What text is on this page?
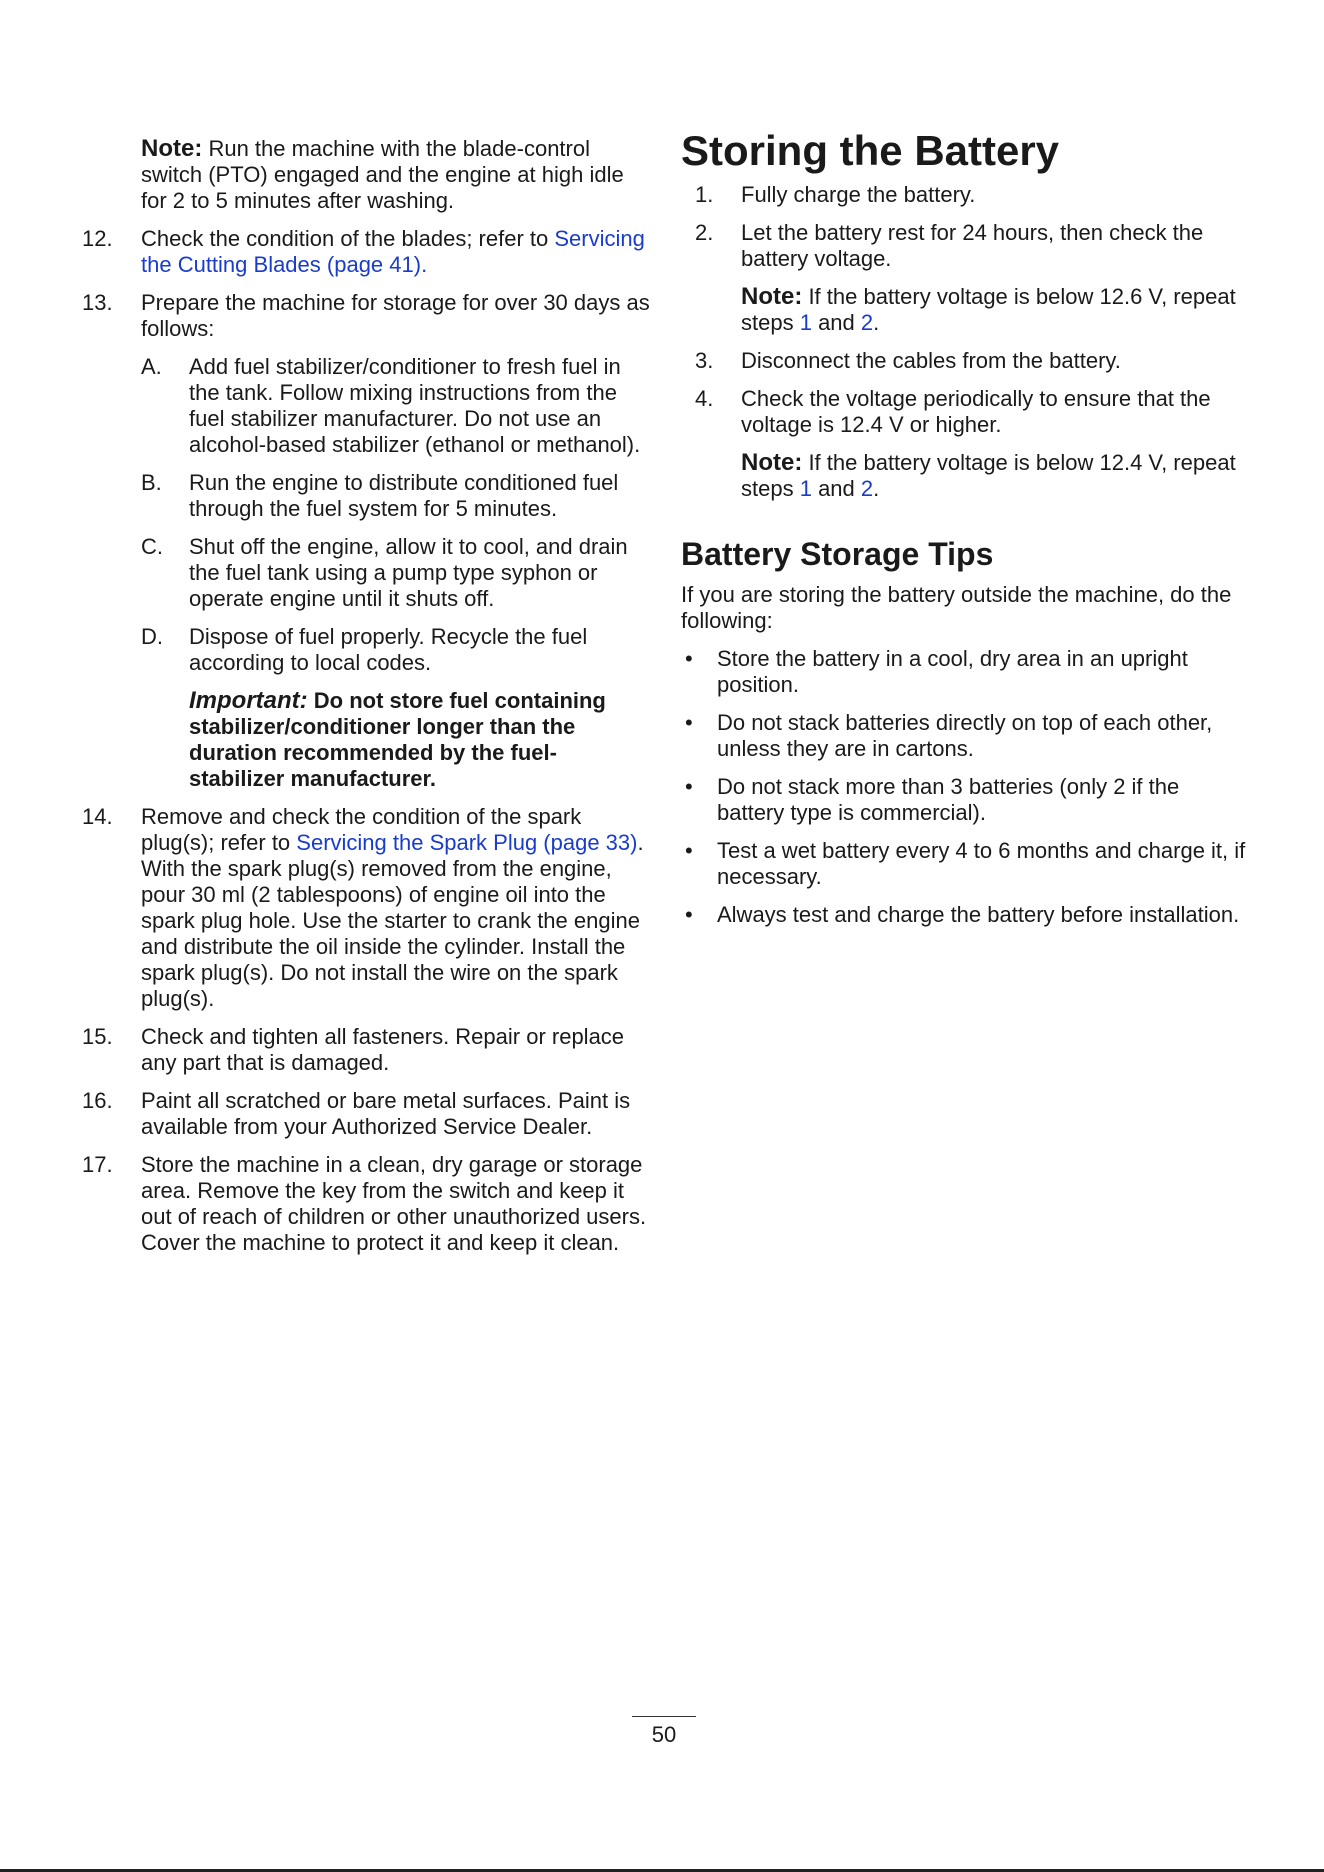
Note: Run the machine with the blade-control switch (PTO) engaged and the engine at high idle for 2 to 5 minutes after washing.

12.	Check the condition of the blades; refer to Servicing the Cutting Blades (page 41).
13.	Prepare the machine for storage for over 30 days as follows:
A.	Add fuel stabilizer/conditioner to fresh fuel in the tank. Follow mixing instructions from the fuel stabilizer manufacturer. Do not use an alcohol-based stabilizer (ethanol or methanol).
B.	Run the engine to distribute conditioned fuel through the fuel system for 5 minutes.
C.	Shut off the engine, allow it to cool, and drain the fuel tank using a pump type syphon or operate engine until it shuts off.
D.	Dispose of fuel properly. Recycle the fuel according to local codes.

Important: Do not store fuel containing stabilizer/conditioner longer than the duration recommended by the fuel-stabilizer manufacturer.

14.	Remove and check the condition of the spark plug(s); refer to Servicing the Spark Plug (page 33). With the spark plug(s) removed from the engine, pour 30 ml (2 tablespoons) of engine oil into the spark plug hole. Use the starter to crank the engine and distribute the oil inside the cylinder. Install the spark plug(s). Do not install the wire on the spark plug(s).
15.	Check and tighten all fasteners. Repair or replace any part that is damaged.
16.	Paint all scratched or bare metal surfaces. Paint is available from your Authorized Service Dealer.
17.	Store the machine in a clean, dry garage or storage area. Remove the key from the switch and keep it out of reach of children or other unauthorized users. Cover the machine to protect it and keep it clean.
Storing the Battery
1.	Fully charge the battery.
2.	Let the battery rest for 24 hours, then check the battery voltage.

Note: If the battery voltage is below 12.6 V, repeat steps 1 and 2.

3.	Disconnect the cables from the battery.
4.	Check the voltage periodically to ensure that the voltage is 12.4 V or higher.

Note: If the battery voltage is below 12.4 V, repeat steps 1 and 2.

Battery Storage Tips

If you are storing the battery outside the machine, do the following:

•	Store the battery in a cool, dry area in an upright position.
•	Do not stack batteries directly on top of each other, unless they are in cartons.
•	Do not stack more than 3 batteries (only 2 if the battery type is commercial).
•	Test a wet battery every 4 to 6 months and charge it, if necessary.
•	Always test and charge the battery before installation.
50
